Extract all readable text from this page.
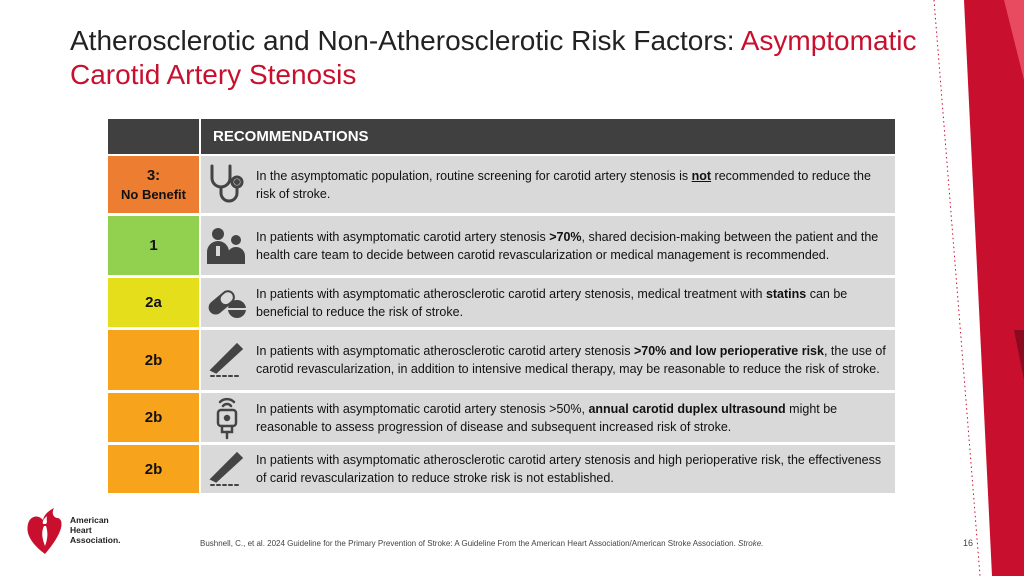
Atherosclerotic and Non-Atherosclerotic Risk Factors: Asymptomatic
Carotid Artery Stenosis
RECOMMENDATIONS
3:
No Benefit
In the asymptomatic population, routine screening for carotid artery stenosis is not recommended to reduce the risk of stroke.
1
In patients with asymptomatic carotid artery stenosis >70%, shared decision-making between the patient and the health care team to decide between carotid revascularization or medical management is recommended.
2a
In patients with asymptomatic atherosclerotic carotid artery stenosis, medical treatment with statins can be beneficial to reduce the risk of stroke.
2b
In patients with asymptomatic atherosclerotic carotid artery stenosis >70% and low perioperative risk, the use of carotid revascularization, in addition to intensive medical therapy, may be reasonable to reduce the risk of stroke.
2b
In patients with asymptomatic carotid artery stenosis >50%, annual carotid duplex ultrasound might be reasonable to assess progression of disease and subsequent increased risk of stroke.
2b
In patients with asymptomatic atherosclerotic carotid artery stenosis and high perioperative risk, the effectiveness of carid revascularization to reduce stroke risk is not established.
American
Heart
Association.	Bushnell, C., et al. 2024 Guideline for the Primary Prevention of Stroke: A Guideline From the American Heart Association/American Stroke Association. Stroke.	16
